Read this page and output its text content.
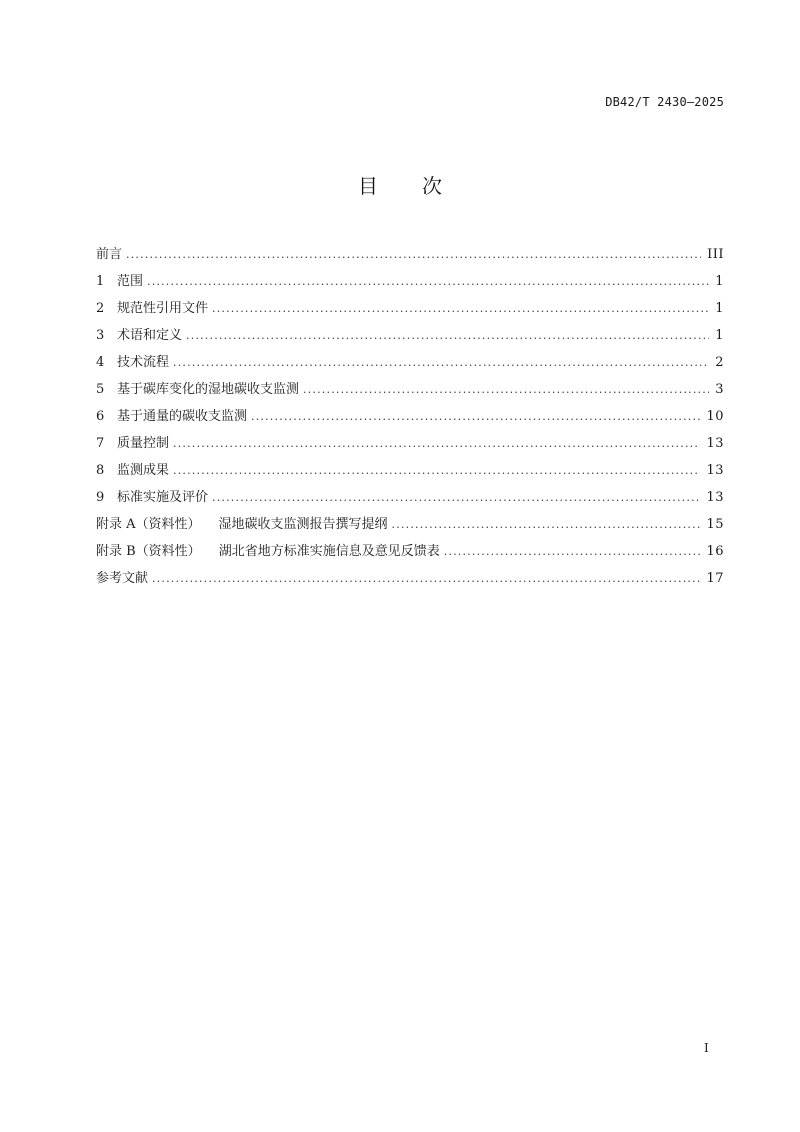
DB42/T 2430—2025
目 次
前言 .....	III
1 范围 .....	1
2 规范性引用文件 .....	1
3 术语和定义 .....	1
4 技术流程 .....	2
5 基于碳库变化的湿地碳收支监测 .....	3
6 基于通量的碳收支监测 .....	10
7 质量控制 .....	13
8 监测成果 .....	13
9 标准实施及评价 .....	13
附录 A（资料性） 湿地碳收支监测报告撰写提纲 .....	15
附录 B（资料性） 湖北省地方标准实施信息及意见反馈表 .....	16
参考文献 .....	17
I
